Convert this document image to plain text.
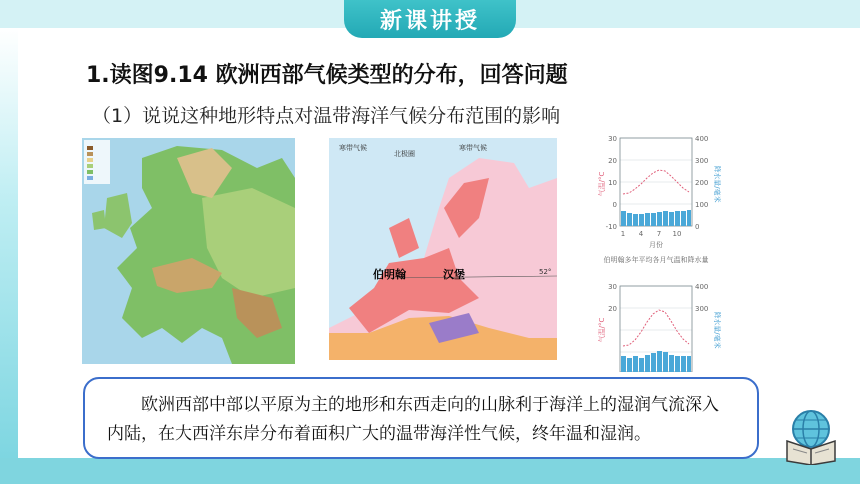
新课讲授
1.读图9.14 欧洲西部气候类型的分布，回答问题
（1）说说这种地形特点对温带海洋气候分布范围的影响
寒带气候	寒带气候
北极圈
52°
伯明翰	汉堡
30
20
10
0
-10
400
300
200
100
0
1 4 7 10
月份
伯明翰多年平均各月气温和降水量
气温/°C	降水量/毫米
30
20
400
300
气温/°C	降水量/毫米

欧洲西部中部以平原为主的地形和东西走向的山脉利于海洋上的湿润气流深入

内陆，在大西洋东岸分布着面积广大的温带海洋性气候，终年温和湿润。
